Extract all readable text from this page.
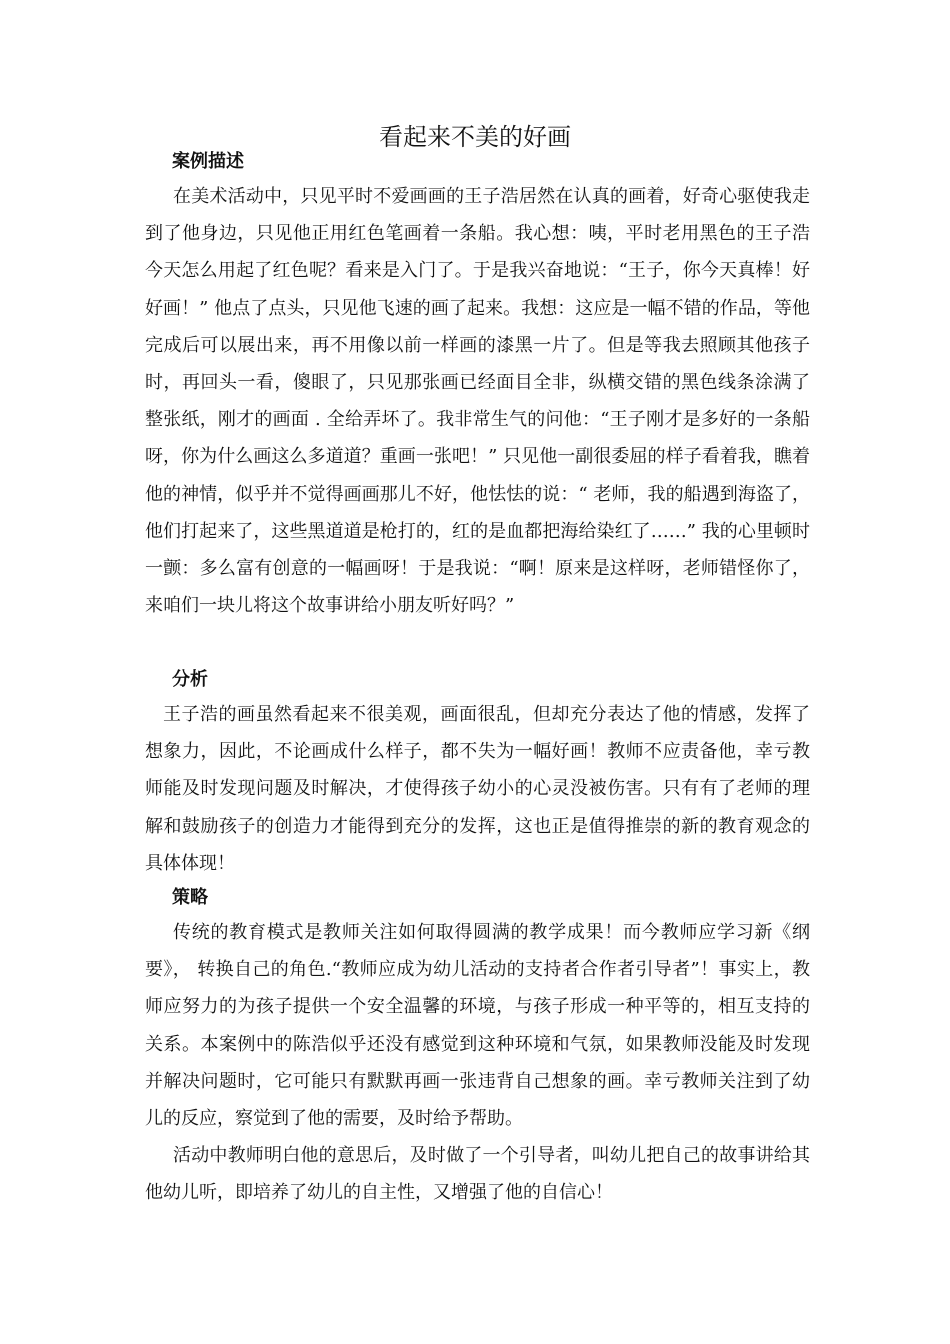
看起来不美的好画
案例描述

在美术活动中，只见平时不爱画画的王子浩居然在认真的画着，好奇心驱使我走到了他身边，只见他正用红色笔画着一条船。我心想：咦，平时老用黑色的王子浩今天怎么用起了红色呢？看来是入门了。于是我兴奋地说：“王子，你今天真棒！好好画！” 他点了点头，只见他飞速的画了起来。我想：这应是一幅不错的作品，等他完成后可以展出来，再不用像以前一样画的漆黑一片了。但是等我去照顾其他孩子时，再回头一看，傻眼了，只见那张画已经面目全非，纵横交错的黑色线条涂满了整张纸，刚才的画面 . 全给弄坏了。我非常生气的问他：“王子刚才是多好的一条船呀，你为什么画这么多道道？重画一张吧！” 只见他一副很委屈的样子看着我，瞧着他的神情，似乎并不觉得画画那儿不好，他怯怯的说：“ 老师，我的船遇到海盗了，他们打起来了，这些黑道道是枪打的，红的是血都把海给染红了……” 我的心里顿时一颤：多么富有创意的一幅画呀！于是我说：“啊！原来是这样呀，老师错怪你了，来咱们一块儿将这个故事讲给小朋友听好吗？”

分析

王子浩的画虽然看起来不很美观，画面很乱，但却充分表达了他的情感，发挥了想象力，因此，不论画成什么样子，都不失为一幅好画！教师不应责备他，幸亏教师能及时发现问题及时解决，才使得孩子幼小的心灵没被伤害。只有有了老师的理解和鼓励孩子的创造力才能得到充分的发挥，这也正是值得推崇的新的教育观念的具体体现！

策略

传统的教育模式是教师关注如何取得圆满的教学成果！而今教师应学习新《纲要》， 转换自己的角色.“教师应成为幼儿活动的支持者合作者引导者”！事实上，教师应努力的为孩子提供一个安全温馨的环境，与孩子形成一种平等的，相互支持的关系。本案例中的陈浩似乎还没有感觉到这种环境和气氛，如果教师没能及时发现并解决问题时，它可能只有默默再画一张违背自己想象的画。幸亏教师关注到了幼儿的反应，察觉到了他的需要，及时给予帮助。

活动中教师明白他的意思后，及时做了一个引导者，叫幼儿把自己的故事讲给其他幼儿听，即培养了幼儿的自主性，又增强了他的自信心！
